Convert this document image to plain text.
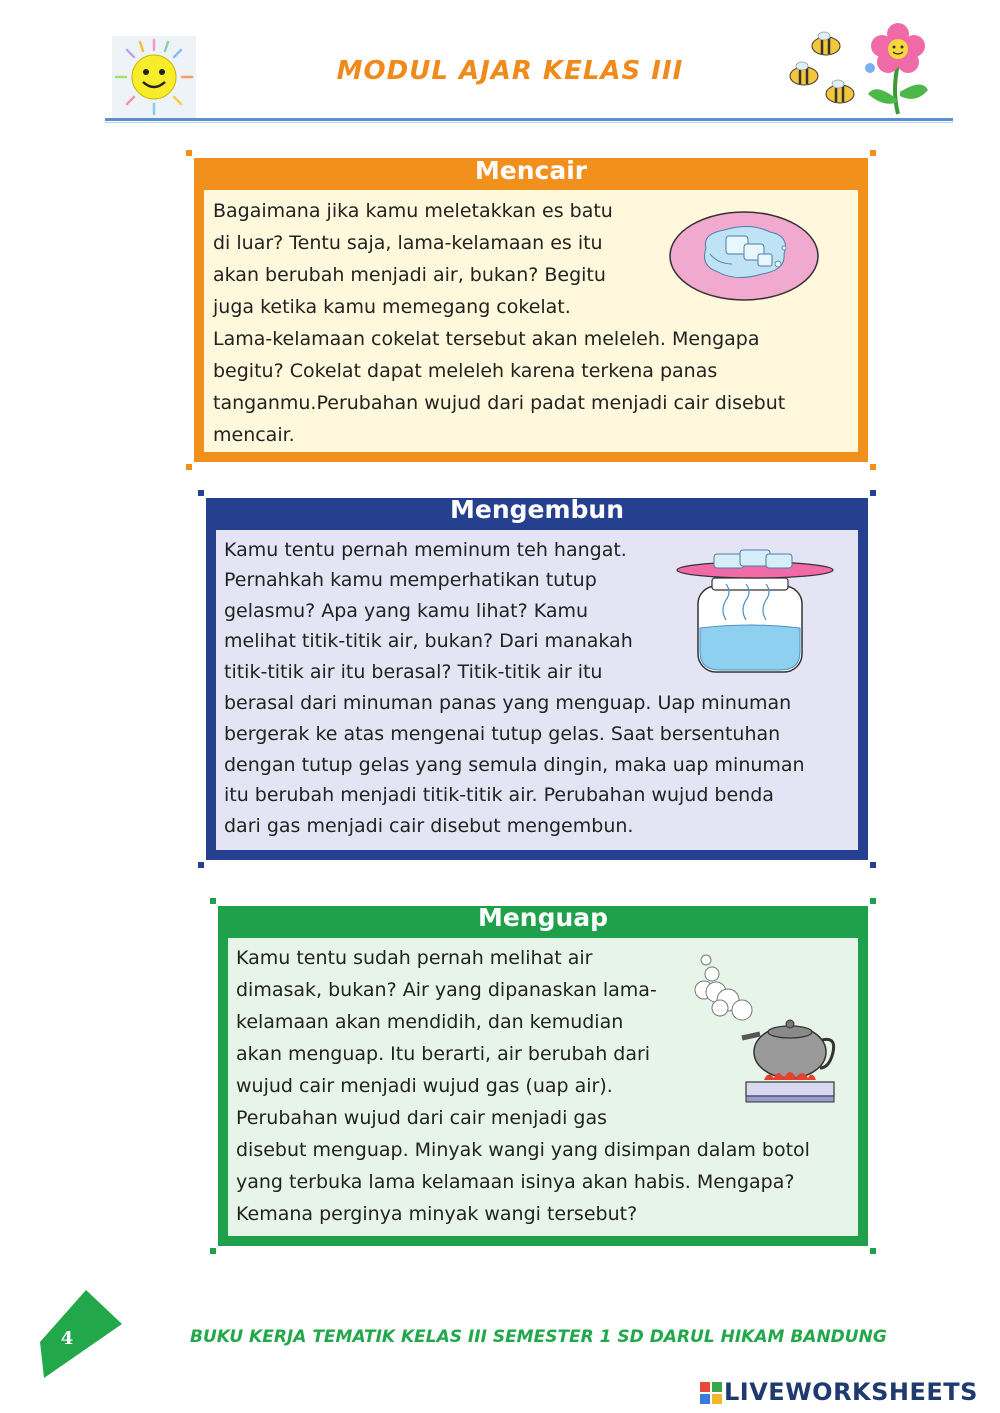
MODUL AJAR KELAS III
Mencair
Bagaimana jika kamu meletakkan es batu
di luar? Tentu saja, lama-kelamaan es itu
akan berubah menjadi air, bukan? Begitu
juga ketika kamu memegang cokelat.
Lama-kelamaan cokelat tersebut akan meleleh. Mengapa
begitu? Cokelat dapat meleleh karena terkena panas
tanganmu.Perubahan wujud dari padat menjadi cair disebut
mencair.
Mengembun
Kamu tentu pernah meminum teh hangat.
Pernahkah kamu memperhatikan tutup
gelasmu? Apa yang kamu lihat? Kamu
melihat titik-titik air, bukan? Dari manakah
titik-titik air itu berasal? Titik-titik air itu
berasal dari minuman panas yang menguap. Uap minuman
bergerak ke atas mengenai tutup gelas. Saat bersentuhan
dengan tutup gelas yang semula dingin, maka uap minuman
itu berubah menjadi titik-titik air. Perubahan wujud benda
dari gas menjadi cair disebut mengembun.
Menguap
Kamu tentu sudah pernah melihat air
dimasak, bukan? Air yang dipanaskan lama-
kelamaan akan mendidih, dan kemudian
akan menguap. Itu berarti, air berubah dari
wujud cair menjadi wujud gas (uap air).
Perubahan wujud dari cair menjadi gas
disebut menguap. Minyak wangi yang disimpan dalam botol
yang terbuka lama kelamaan isinya akan habis. Mengapa?
Kemana perginya minyak wangi tersebut?
4	BUKU KERJA TEMATIK KELAS III SEMESTER 1 SD DARUL HIKAM BANDUNG
LIVEWORKSHEETS
